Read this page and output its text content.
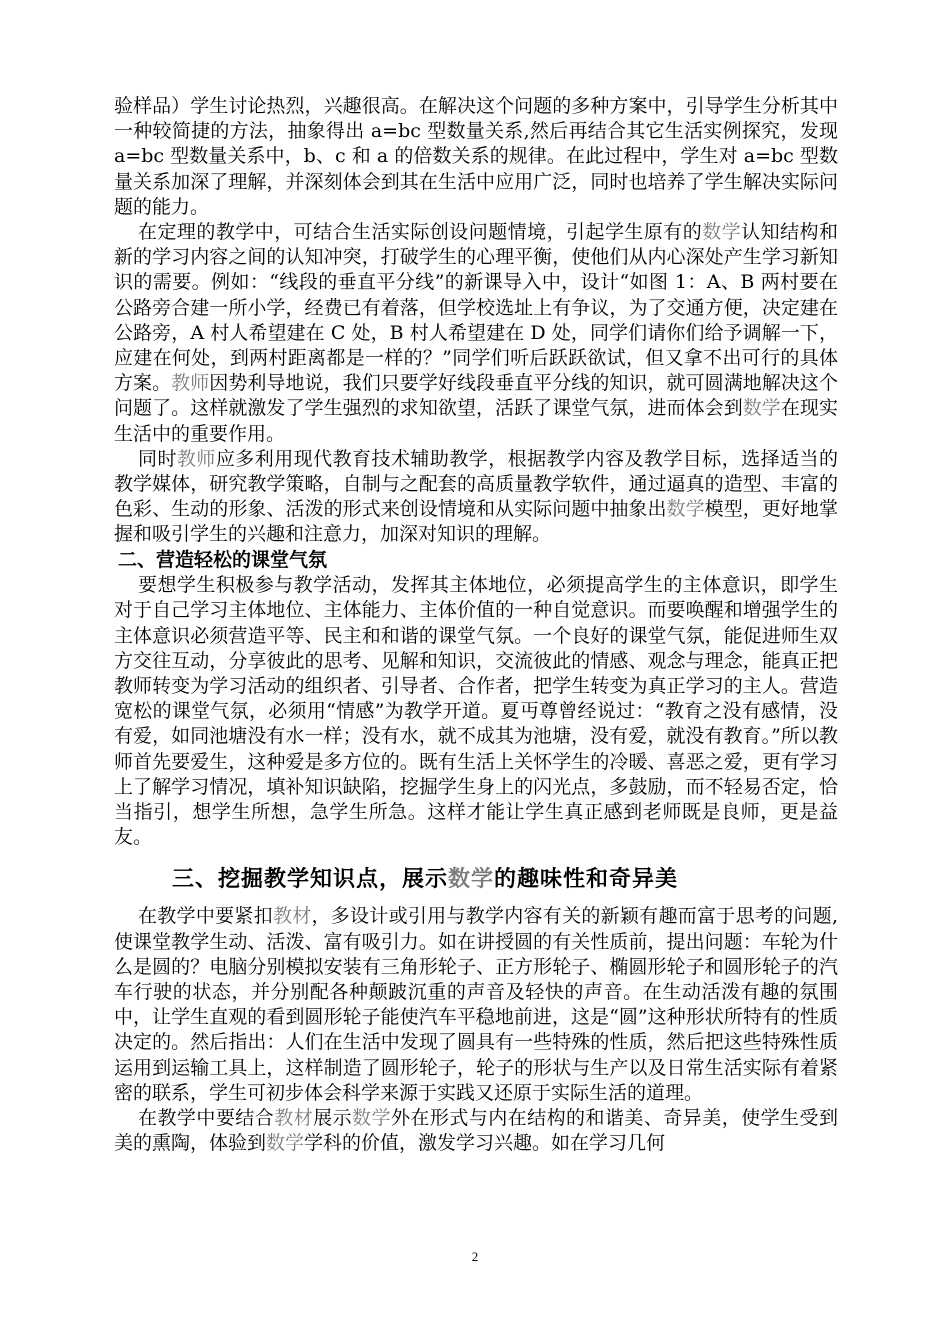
验样品）学生讨论热烈，兴趣很高。在解决这个问题的多种方案中，引导学生分析其中一种较简捷的方法，抽象得出 a=bc 型数量关系,然后再结合其它生活实例探究，发现 a=bc 型数量关系中，b、c 和 a 的倍数关系的规律。在此过程中，学生对 a=bc 型数量关系加深了理解，并深刻体会到其在生活中应用广泛，同时也培养了学生解决实际问题的能力。

在定理的教学中，可结合生活实际创设问题情境，引起学生原有的数学认知结构和新的学习内容之间的认知冲突，打破学生的心理平衡，使他们从内心深处产生学习新知识的需要。例如：“线段的垂直平分线”的新课导入中，设计“如图 1：A、B 两村要在公路旁合建一所小学，经费已有着落，但学校选址上有争议，为了交通方便，决定建在公路旁，A 村人希望建在 C 处，B 村人希望建在 D 处，同学们请你们给予调解一下，应建在何处，到两村距离都是一样的？”同学们听后跃跃欲试，但又拿不出可行的具体方案。教师因势利导地说，我们只要学好线段垂直平分线的知识，就可圆满地解决这个问题了。这样就激发了学生强烈的求知欲望，活跃了课堂气氛，进而体会到数学在现实生活中的重要作用。

同时教师应多利用现代教育技术辅助教学，根据教学内容及教学目标，选择适当的教学媒体，研究教学策略，自制与之配套的高质量教学软件，通过逼真的造型、丰富的色彩、生动的形象、活泼的形式来创设情境和从实际问题中抽象出数学模型，更好地掌握和吸引学生的兴趣和注意力，加深对知识的理解。

二、营造轻松的课堂气氛

要想学生积极参与教学活动，发挥其主体地位，必须提高学生的主体意识，即学生对于自己学习主体地位、主体能力、主体价值的一种自觉意识。而要唤醒和增强学生的主体意识必须营造平等、民主和和谐的课堂气氛。一个良好的课堂气氛，能促进师生双方交往互动，分享彼此的思考、见解和知识，交流彼此的情感、观念与理念，能真正把教师转变为学习活动的组织者、引导者、合作者，把学生转变为真正学习的主人。营造宽松的课堂气氛，必须用“情感”为教学开道。夏丏尊曾经说过：“教育之没有感情，没有爱，如同池塘没有水一样；没有水，就不成其为池塘，没有爱，就没有教育。”所以教师首先要爱生，这种爱是多方位的。既有生活上关怀学生的冷暖、喜恶之爱，更有学习上了解学习情况，填补知识缺陷，挖掘学生身上的闪光点，多鼓励，而不轻易否定，恰当指引，想学生所想，急学生所急。这样才能让学生真正感到老师既是良师，更是益友。

三、挖掘教学知识点，展示数学的趣味性和奇异美

在教学中要紧扣教材，多设计或引用与教学内容有关的新颖有趣而富于思考的问题,使课堂教学生动、活泼、富有吸引力。如在讲授圆的有关性质前，提出问题：车轮为什么是圆的？电脑分别模拟安装有三角形轮子、正方形轮子、椭圆形轮子和圆形轮子的汽车行驶的状态，并分别配各种颠跛沉重的声音及轻快的声音。在生动活泼有趣的氛围中，让学生直观的看到圆形轮子能使汽车平稳地前进，这是“圆”这种形状所特有的性质决定的。然后指出：人们在生活中发现了圆具有一些特殊的性质，然后把这些特殊性质运用到运输工具上，这样制造了圆形轮子，轮子的形状与生产以及日常生活实际有着紧密的联系，学生可初步体会科学来源于实践又还原于实际生活的道理。

在教学中要结合教材展示数学外在形式与内在结构的和谐美、奇异美，使学生受到美的熏陶，体验到数学学科的价值，激发学习兴趣。如在学习几何

2
